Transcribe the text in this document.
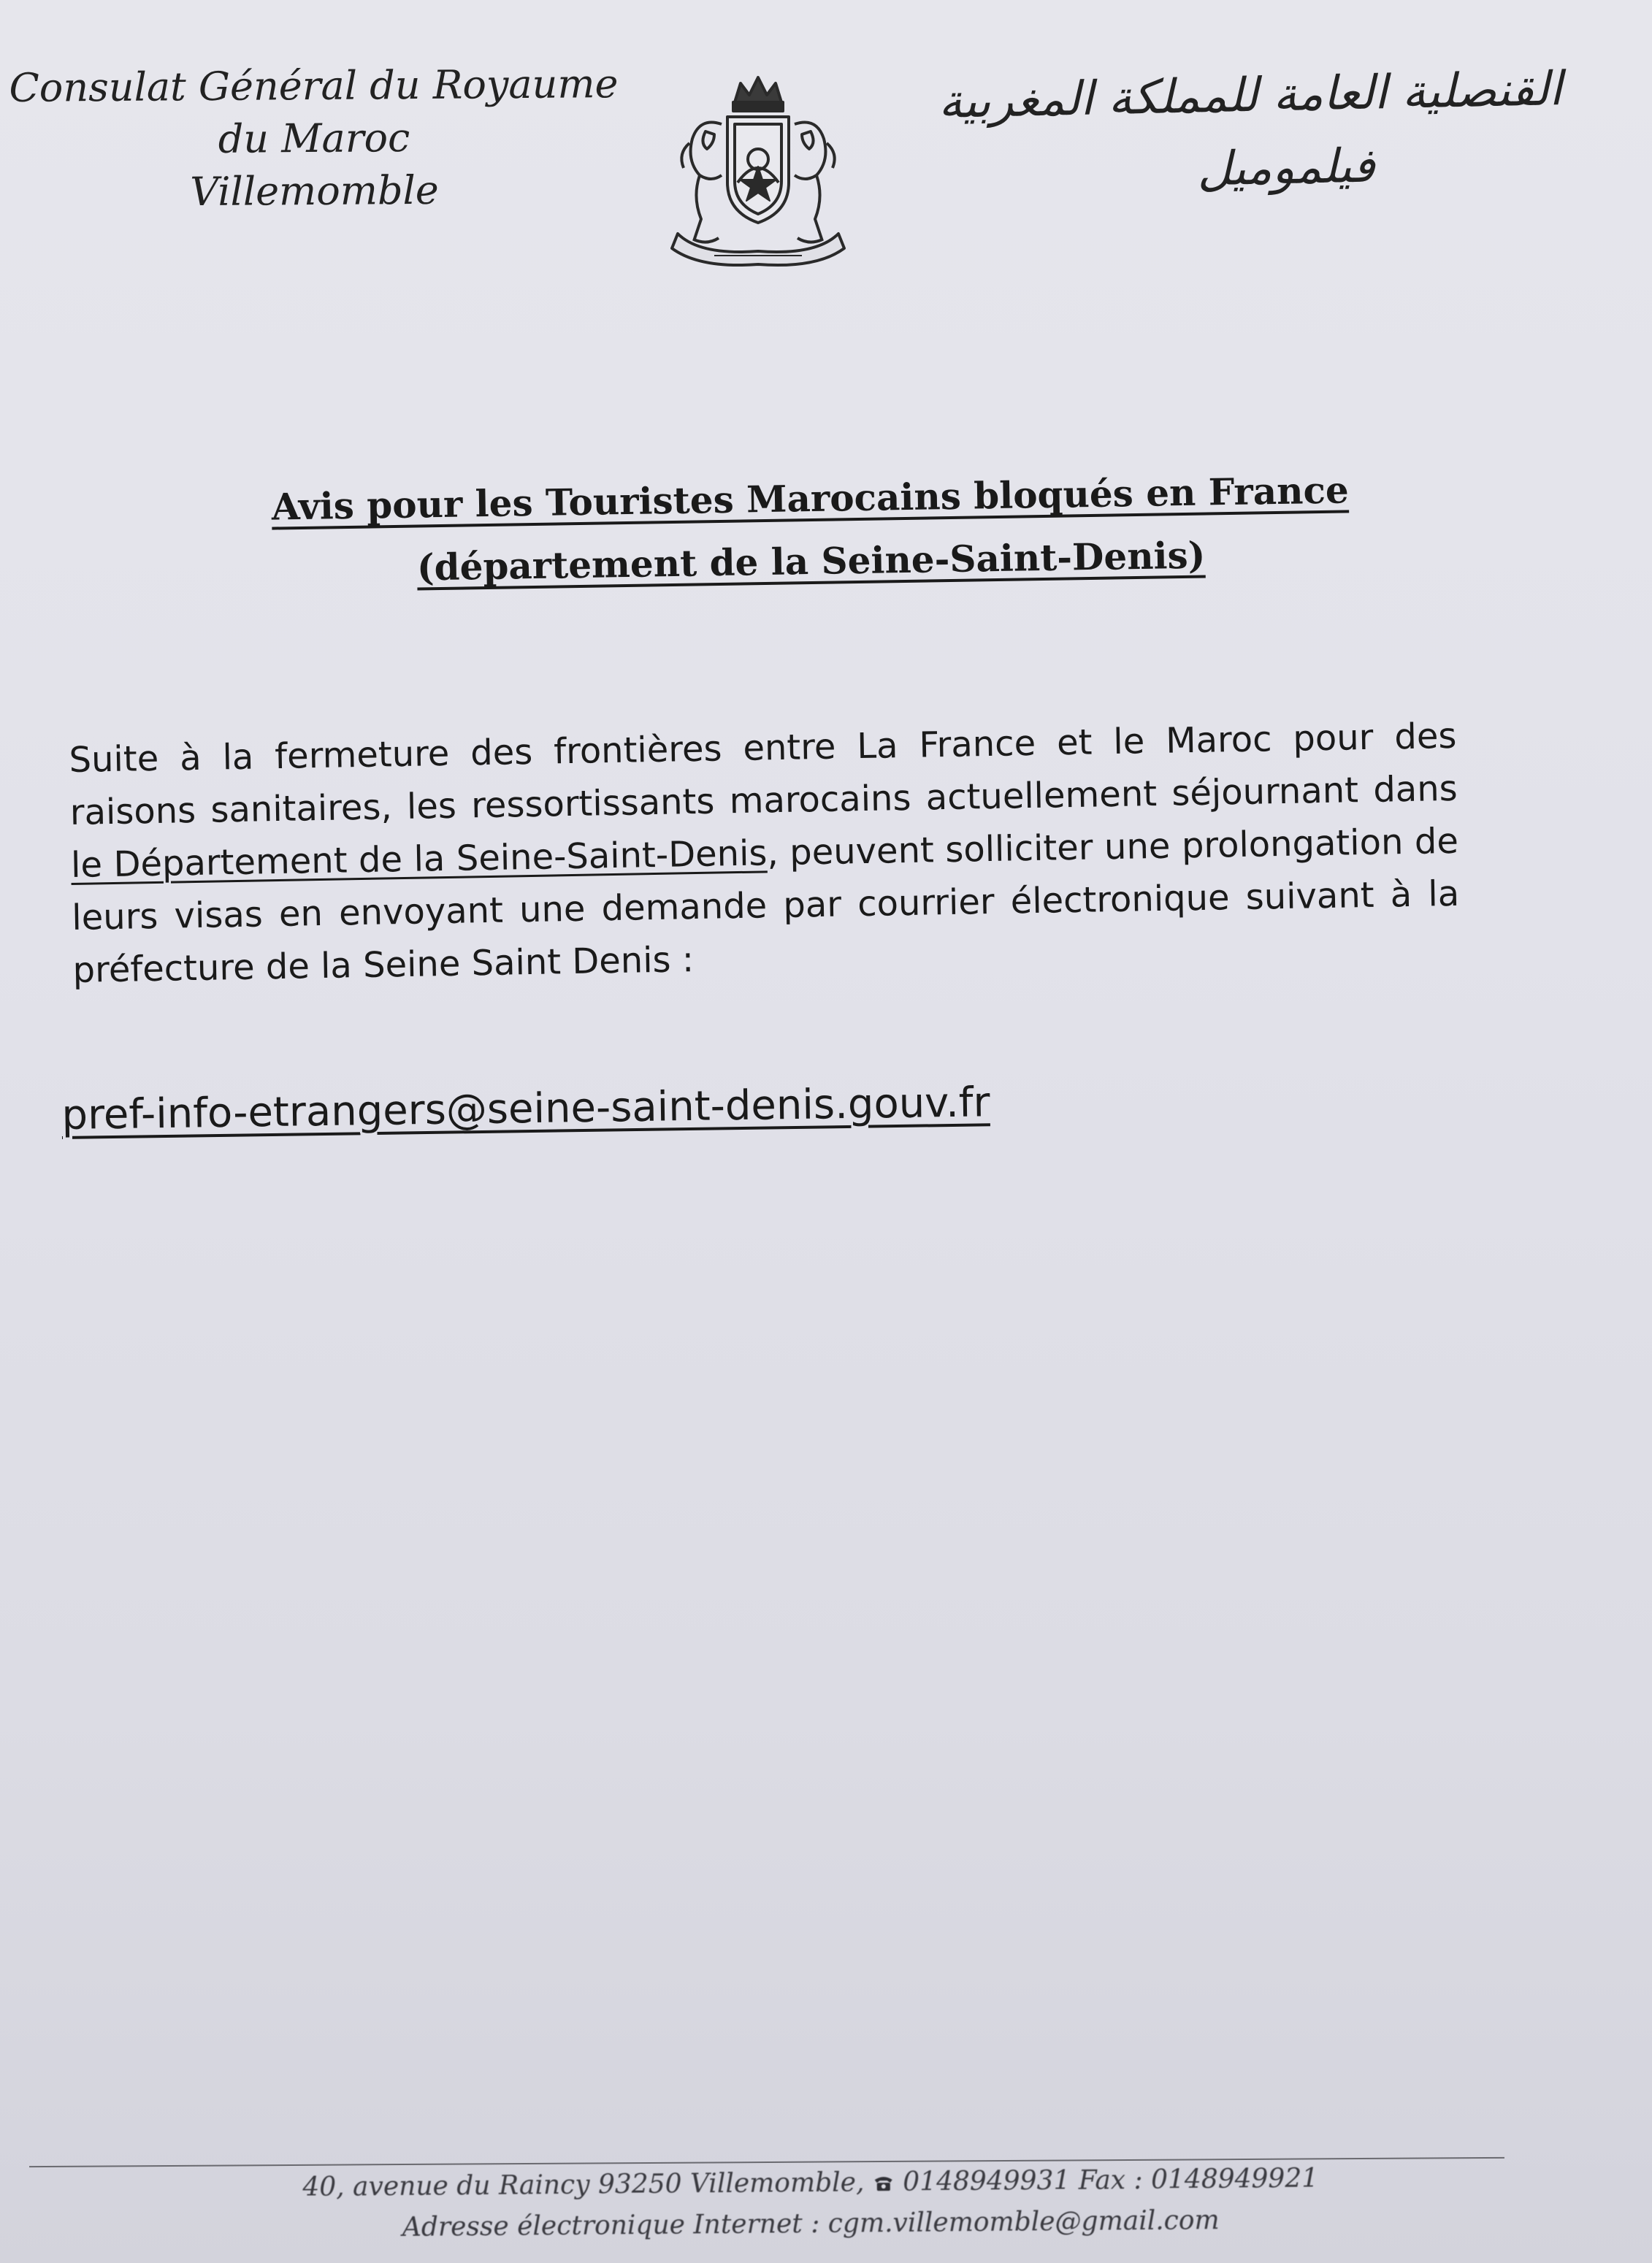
Consulat Général du Royaume
du Maroc
Villemomble
القنصلية العامة للمملكة المغربية
فيلموميل
Avis pour les Touristes Marocains bloqués en France
(département de la Seine-Saint-Denis)

Suite à la fermeture des frontières entre La France et le Maroc pour des raisons sanitaires, les ressortissants marocains actuellement séjournant dans le Département de la Seine-Saint-Denis, peuvent solliciter une prolongation de leurs visas en envoyant une demande par courrier électronique suivant à la préfecture de la Seine Saint Denis :

pref-info-etrangers@seine-saint-denis.gouv.fr
40, avenue du Raincy 93250 Villemomble,  0148949931 Fax : 0148949921
Adresse électronique Internet : cgm.villemomble@gmail.com
